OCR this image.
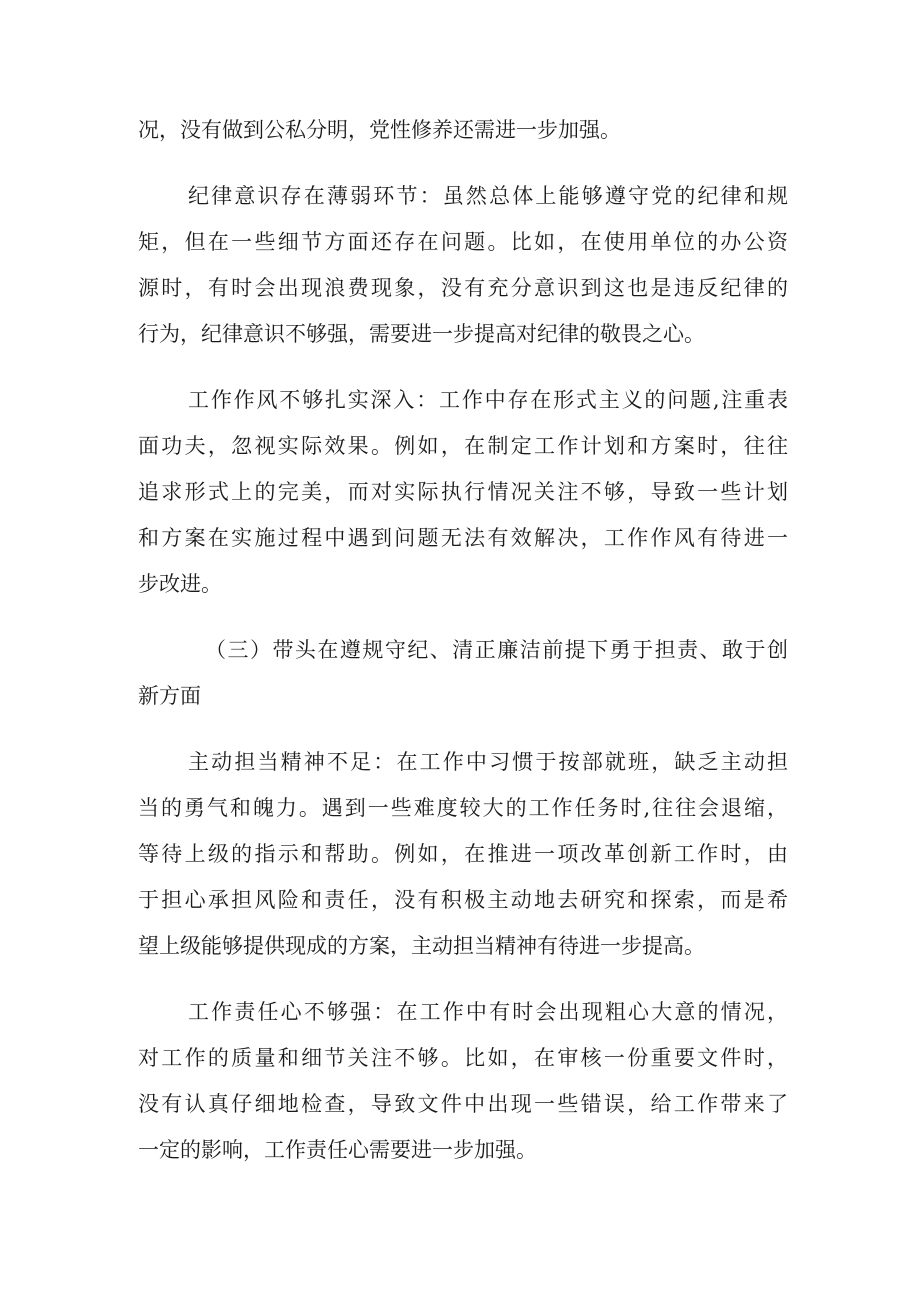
况，没有做到公私分明，党性修养还需进一步加强。
纪律意识存在薄弱环节：虽然总体上能够遵守党的纪律和规
矩，但在一些细节方面还存在问题。比如，在使用单位的办公资
源时，有时会出现浪费现象，没有充分意识到这也是违反纪律的
行为，纪律意识不够强，需要进一步提高对纪律的敬畏之心。
工作作风不够扎实深入：工作中存在形式主义的问题,注重表
面功夫，忽视实际效果。例如，在制定工作计划和方案时，往往
追求形式上的完美，而对实际执行情况关注不够，导致一些计划
和方案在实施过程中遇到问题无法有效解决，工作作风有待进一
步改进。
（三）带头在遵规守纪、清正廉洁前提下勇于担责、敢于创
新方面
主动担当精神不足：在工作中习惯于按部就班，缺乏主动担
当的勇气和魄力。遇到一些难度较大的工作任务时,往往会退缩，
等待上级的指示和帮助。例如，在推进一项改革创新工作时，由
于担心承担风险和责任，没有积极主动地去研究和探索，而是希
望上级能够提供现成的方案，主动担当精神有待进一步提高。
工作责任心不够强：在工作中有时会出现粗心大意的情况，
对工作的质量和细节关注不够。比如，在审核一份重要文件时，
没有认真仔细地检查，导致文件中出现一些错误，给工作带来了
一定的影响，工作责任心需要进一步加强。
